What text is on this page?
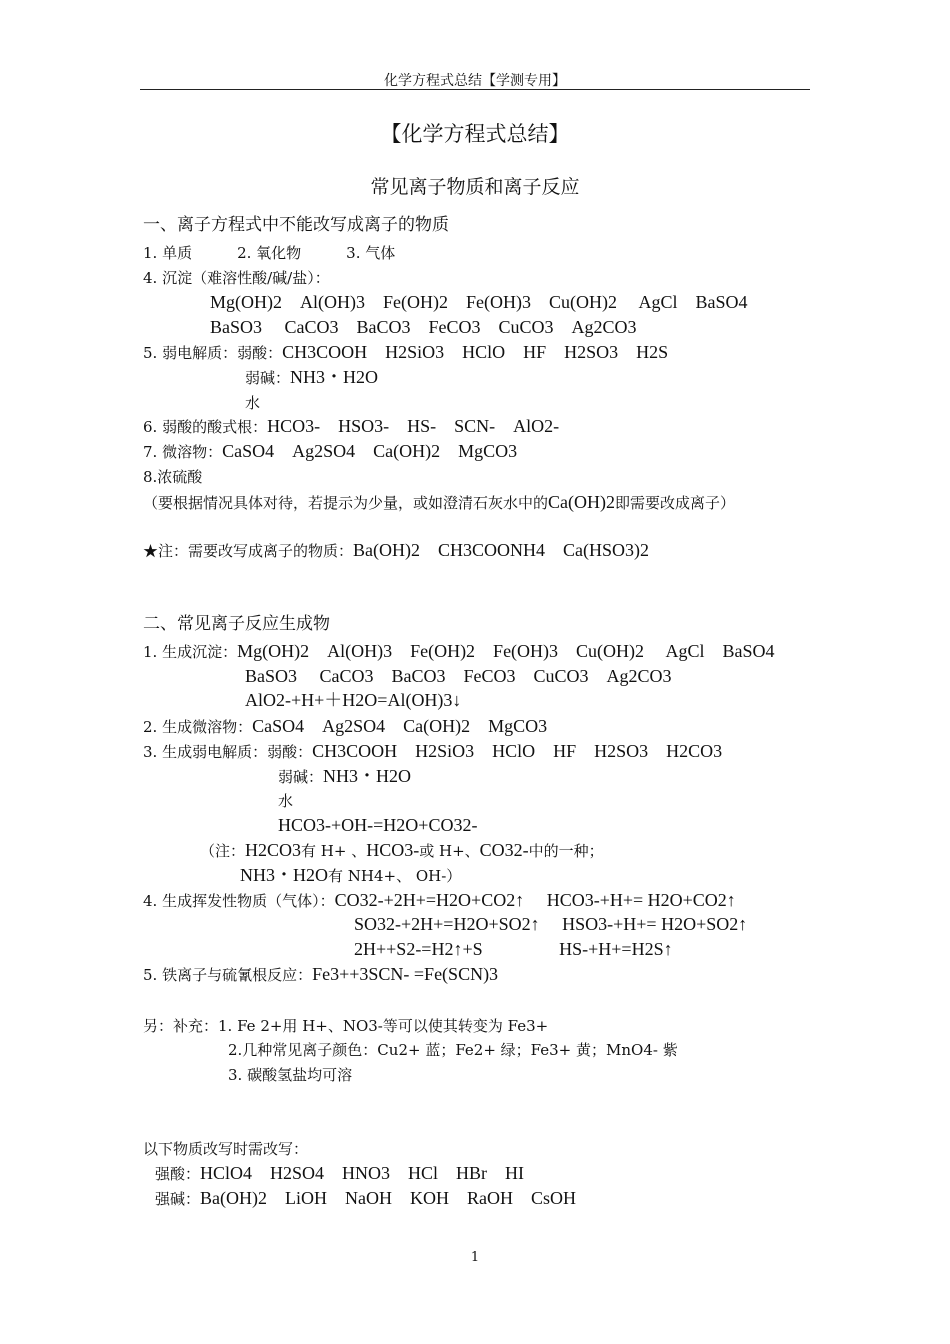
化学方程式总结【学测专用】
【化学方程式总结】
常见离子物质和离子反应
一、离子方程式中不能改写成离子的物质
1. 单质　　　2. 氧化物　　　3. 气体
4. 沉淀（难溶性酸/碱/盐）：
Mg(OH)2　Al(OH)3　Fe(OH)2　Fe(OH)3　Cu(OH)2　 AgCl　BaSO4
BaSO3　 CaCO3　BaCO3　FeCO3　CuCO3　Ag2CO3
5. 弱电解质：弱酸：CH3COOH　H2SiO3　HClO　HF　H2SO3　H2S
弱碱：NH3・H2O
水
6. 弱酸的酸式根：HCO3-　HSO3-　HS-　SCN-　AlO2-
7. 微溶物：CaSO4　Ag2SO4　Ca(OH)2　MgCO3
8.浓硫酸
（要根据情况具体对待，若提示为少量，或如澄清石灰水中的Ca(OH)2即需要改成离子）
★注：需要改写成离子的物质：Ba(OH)2　CH3COONH4　Ca(HSO3)2
二、常见离子反应生成物
1. 生成沉淀：Mg(OH)2　Al(OH)3　Fe(OH)2　Fe(OH)3　Cu(OH)2　 AgCl　BaSO4
BaSO3　 CaCO3　BaCO3　FeCO3　CuCO3　Ag2CO3
AlO2-+H+＋H2O=Al(OH)3↓
2. 生成微溶物：CaSO4　Ag2SO4　Ca(OH)2　MgCO3
3. 生成弱电解质：弱酸：CH3COOH　H2SiO3　HClO　HF　H2SO3　H2CO3
弱碱：NH3・H2O
水
HCO3-+OH-=H2O+CO32-
（注：H2CO3有 H+ 、HCO3-或 H+、CO32-中的一种；
NH3・H2O有 NH4+、 OH-）
4. 生成挥发性物质（气体）：CO32-+2H+=H2O+CO2↑　 HCO3-+H+= H2O+CO2↑
SO32-+2H+=H2O+SO2↑　 HSO3-+H+= H2O+SO2↑
2H++S2-=H2↑+S　　　　 HS-+H+=H2S↑
5. 铁离子与硫氰根反应：Fe3++3SCN- =Fe(SCN)3
另：补充：1. Fe 2+用 H+、NO3-等可以使其转变为 Fe3+
2.几种常见离子颜色：Cu2+ 蓝；Fe2+ 绿；Fe3+ 黄；MnO4- 紫
3. 碳酸氢盐均可溶
以下物质改写时需改写：
强酸：HClO4　H2SO4　HNO3　HCl　HBr　HI
强碱：Ba(OH)2　LiOH　NaOH　KOH　RaOH　CsOH
1
